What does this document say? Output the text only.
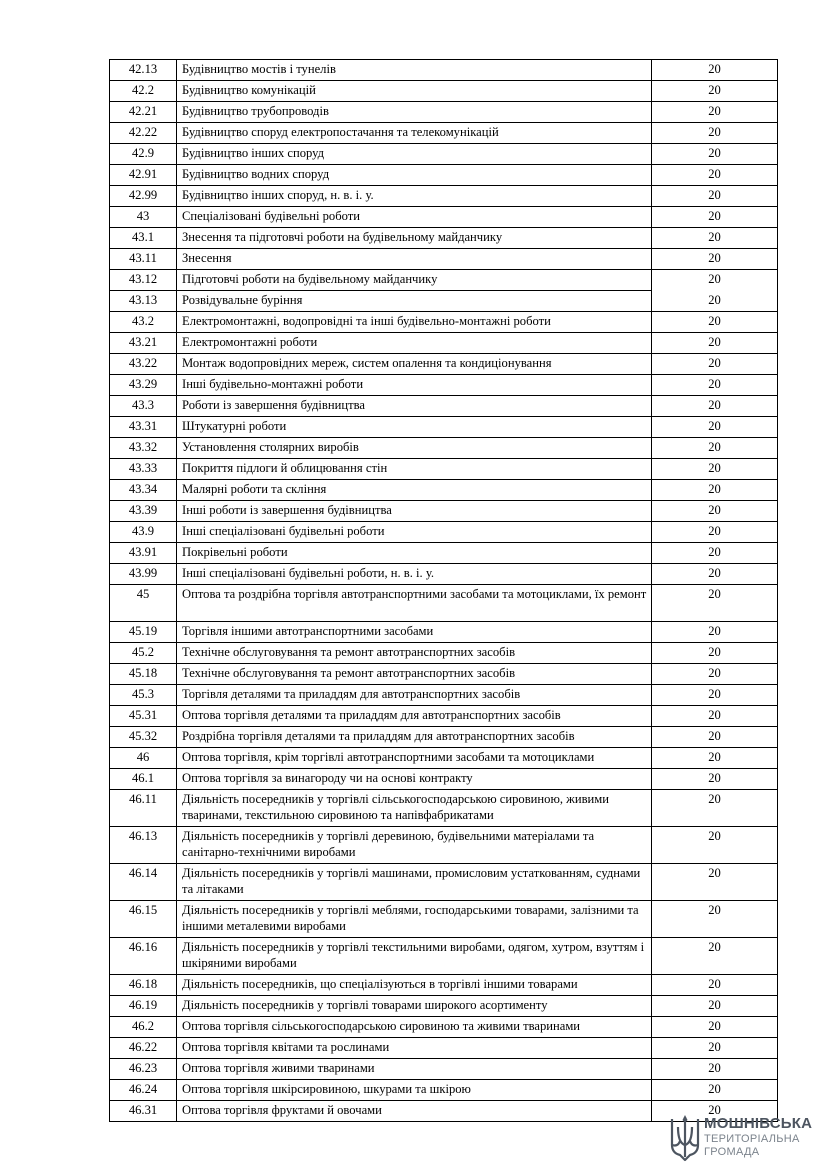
42.13	Будівництво мостів і тунелів	20
42.2	Будівництво комунікацій	20
42.21	Будівництво трубопроводів	20
42.22	Будівництво споруд електропостачання та телекомунікацій	20
42.9	Будівництво інших споруд	20
42.91	Будівництво водних споруд	20
42.99	Будівництво інших споруд, н. в. і. у.	20
43	Спеціалізовані будівельні роботи	20
43.1	Знесення та підготовчі роботи на будівельному майданчику	20
43.11	Знесення	20
43.12	Підготовчі роботи на будівельному майданчику	20
43.13	Розвідувальне буріння	20
43.2	Електромонтажні, водопровідні та інші будівельно-монтажні роботи	20
43.21	Електромонтажні роботи	20
43.22	Монтаж водопровідних мереж, систем опалення та кондиціонування	20
43.29	Інші будівельно-монтажні роботи	20
43.3	Роботи із завершення будівництва	20
43.31	Штукатурні роботи	20
43.32	Установлення столярних виробів	20
43.33	Покриття підлоги й облицювання стін	20
43.34	Малярні роботи та скління	20
43.39	Інші роботи із завершення будівництва	20
43.9	Інші спеціалізовані будівельні роботи	20
43.91	Покрівельні роботи	20
43.99	Інші спеціалізовані будівельні роботи, н. в. і. у.	20
45	Оптова та роздрібна торгівля автотранспортними засобами та мотоциклами, їх ремонт	20
45.19	Торгівля іншими автотранспортними засобами	20
45.2	Технічне обслуговування та ремонт автотранспортних засобів	20
45.18	Технічне обслуговування та ремонт автотранспортних засобів	20
45.3	Торгівля деталями та приладдям для автотранспортних засобів	20
45.31	Оптова торгівля деталями та приладдям для автотранспортних засобів	20
45.32	Роздрібна торгівля деталями та приладдям для автотранспортних засобів	20
46	Оптова торгівля, крім торгівлі автотранспортними засобами та мотоциклами	20
46.1	Оптова торгівля за винагороду чи на основі контракту	20
46.11	Діяльність посередників у торгівлі сільськогосподарською сировиною, живими тваринами, текстильною сировиною та напівфабрикатами	20
46.13	Діяльність посередників у торгівлі деревиною, будівельними матеріалами та санітарно-технічними виробами	20
46.14	Діяльність посередників у торгівлі машинами, промисловим устаткованням, суднами та літаками	20
46.15	Діяльність посередників у торгівлі меблями, господарськими товарами, залізними та іншими металевими виробами	20
46.16	Діяльність посередників у торгівлі текстильними виробами, одягом, хутром, взуттям і шкіряними виробами	20
46.18	Діяльність посередників, що спеціалізуються в торгівлі іншими товарами	20
46.19	Діяльність посередників у торгівлі товарами широкого асортименту	20
46.2	Оптова торгівля сільськогосподарською сировиною та живими тваринами	20
46.22	Оптова торгівля квітами та рослинами	20
46.23	Оптова торгівля живими тваринами	20
46.24	Оптова торгівля шкірсировиною, шкурами та шкірою	20
46.31	Оптова торгівля фруктами й овочами	20
МОШНІВСЬКА
ТЕРИТОРІАЛЬНА
ГРОМАДА
